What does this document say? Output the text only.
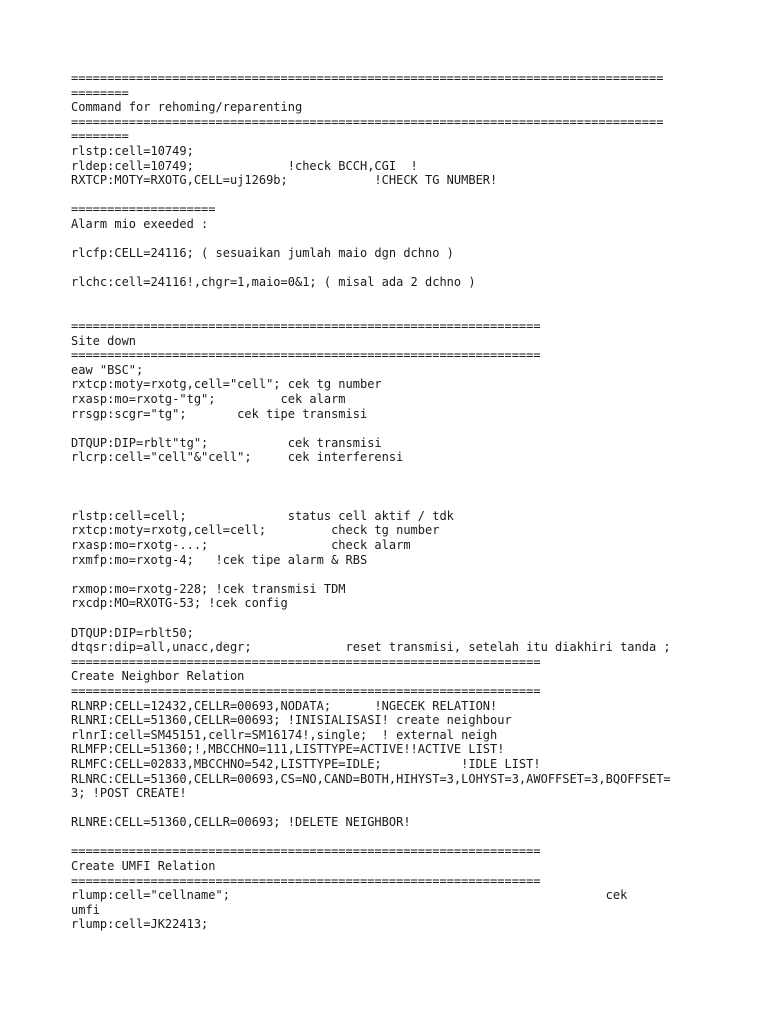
==================================================================================
========
Command for rehoming/reparenting
==================================================================================
========
rlstp:cell=10749;
rldep:cell=10749;             !check BCCH,CGI  !
RXTCP:MOTY=RXOTG,CELL=uj1269b;            !CHECK TG NUMBER!
====================
Alarm mio exeeded :
rlcfp:CELL=24116; ( sesuaikan jumlah maio dgn dchno )
rlchc:cell=24116!,chgr=1,maio=0&1; ( misal ada 2 dchno )
=================================================================
Site down
=================================================================
eaw "BSC";
rxtcp:moty=rxotg,cell="cell"; cek tg number
rxasp:mo=rxotg-"tg";         cek alarm
rrsgp:scgr="tg";       cek tipe transmisi
DTQUP:DIP=rblt"tg";           cek transmisi
rlcrp:cell="cell"&"cell";     cek interferensi
rlstp:cell=cell;              status cell aktif / tdk
rxtcp:moty=rxotg,cell=cell;         check tg number
rxasp:mo=rxotg-...;                 check alarm
rxmfp:mo=rxotg-4;   !cek tipe alarm & RBS
rxmop:mo=rxotg-228; !cek transmisi TDM
rxcdp:MO=RXOTG-53; !cek config
DTQUP:DIP=rblt50;
dtqsr:dip=all,unacc,degr;             reset transmisi, setelah itu diakhiri tanda ;
=================================================================
Create Neighbor Relation
=================================================================
RLNRP:CELL=12432,CELLR=00693,NODATA;      !NGECEK RELATION!
RLNRI:CELL=51360,CELLR=00693; !INISIALISASI! create neighbour
rlnrI:cell=SM45151,cellr=SM16174!,single;  ! external neigh
RLMFP:CELL=51360;!,MBCCHNO=111,LISTTYPE=ACTIVE!!ACTIVE LIST!
RLMFC:CELL=02833,MBCCHNO=542,LISTTYPE=IDLE;           !IDLE LIST!
RLNRC:CELL=51360,CELLR=00693,CS=NO,CAND=BOTH,HIHYST=3,LOHYST=3,AWOFFSET=3,BQOFFSET=
3; !POST CREATE!
RLNRE:CELL=51360,CELLR=00693; !DELETE NEIGHBOR!
=================================================================
Create UMFI Relation
=================================================================
rlump:cell="cellname";                                                    cek
umfi
rlump:cell=JK22413;
